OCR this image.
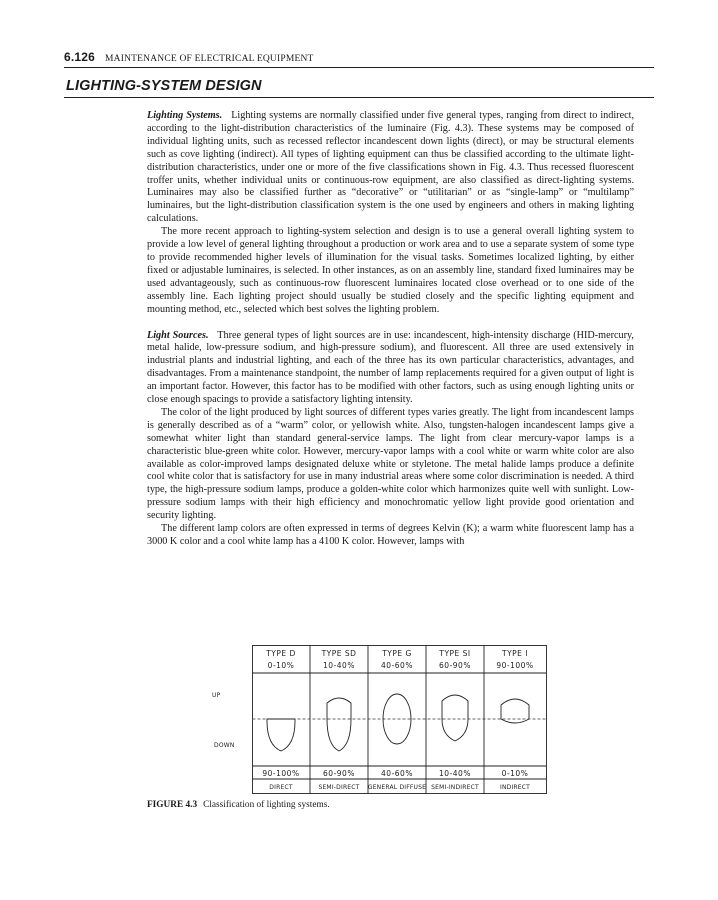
6.126 MAINTENANCE OF ELECTRICAL EQUIPMENT
LIGHTING-SYSTEM DESIGN

Lighting Systems. Lighting systems are normally classified under five general types, ranging from direct to indirect, according to the light-distribution characteristics of the luminaire (Fig. 4.3). These systems may be composed of individual lighting units, such as recessed reflector incandescent down lights (direct), or may be structural elements such as cove lighting (indirect). All types of lighting equipment can thus be classified according to the ultimate light-distribution characteristics, under one or more of the five classifications shown in Fig. 4.3. Thus recessed fluorescent troffer units, whether individual units or continuous-row equipment, are also classified as direct-lighting systems. Luminaires may also be classified further as “decorative” or “utilitarian” or as “single-lamp” or “multilamp” luminaires, but the light-distribution classification system is the one used by engineers and others in making lighting calculations.

The more recent approach to lighting-system selection and design is to use a general overall lighting system to provide a low level of general lighting throughout a production or work area and to use a separate system of some type to provide recommended higher levels of illumination for the visual tasks. Sometimes localized lighting, by either fixed or adjustable luminaires, is selected. In other instances, as on an assembly line, standard fixed luminaires may be used advantageously, such as continuous-row fluorescent luminaires located close overhead or to one side of the assembly line. Each lighting project should usually be studied closely and the specific lighting equipment and mounting method, etc., selected which best solves the lighting problem.

Light Sources. Three general types of light sources are in use: incandescent, high-intensity discharge (HID-mercury, metal halide, low-pressure sodium, and high-pressure sodium), and fluorescent. All three are used extensively in industrial plants and industrial lighting, and each of the three has its own particular characteristics, advantages, and disadvantages. From a maintenance standpoint, the number of lamp replacements required for a given output of light is an important factor. However, this factor has to be modified with other factors, such as using enough lighting units or close enough spacings to provide a satisfactory lighting intensity.

The color of the light produced by light sources of different types varies greatly. The light from incandescent lamps is generally described as of a “warm” color, or yellowish white. Also, tungsten-halogen incandescent lamps give a somewhat whiter light than standard general-service lamps. The light from clear mercury-vapor lamps is a characteristic blue-green white color. However, mercury-vapor lamps with a cool white or warm white color are also available as color-improved lamps designated deluxe white or styletone. The metal halide lamps produce a definite cool white color that is satisfactory for use in many industrial areas where some color discrimination is needed. A third type, the high-pressure sodium lamps, produce a golden-white color which harmonizes quite well with sunlight. Low-pressure sodium lamps with their high efficiency and monochromatic yellow light provide good orientation and security lighting.

The different lamp colors are often expressed in terms of degrees Kelvin (K); a warm white fluorescent lamp has a 3000 K color and a cool white lamp has a 4100 K color. However, lamps with

UP
DOWN
TYPE D
0-10%
90-100%
DIRECT
TYPE SD
10-40%
60-90%
SEMI-DIRECT
TYPE G
40-60%
40-60%
GENERAL DIFFUSE
TYPE SI
60-90%
10-40%
SEMI-INDIRECT
TYPE I
90-100%
0-10%
INDIRECT
FIGURE 4.3 Classification of lighting systems.
